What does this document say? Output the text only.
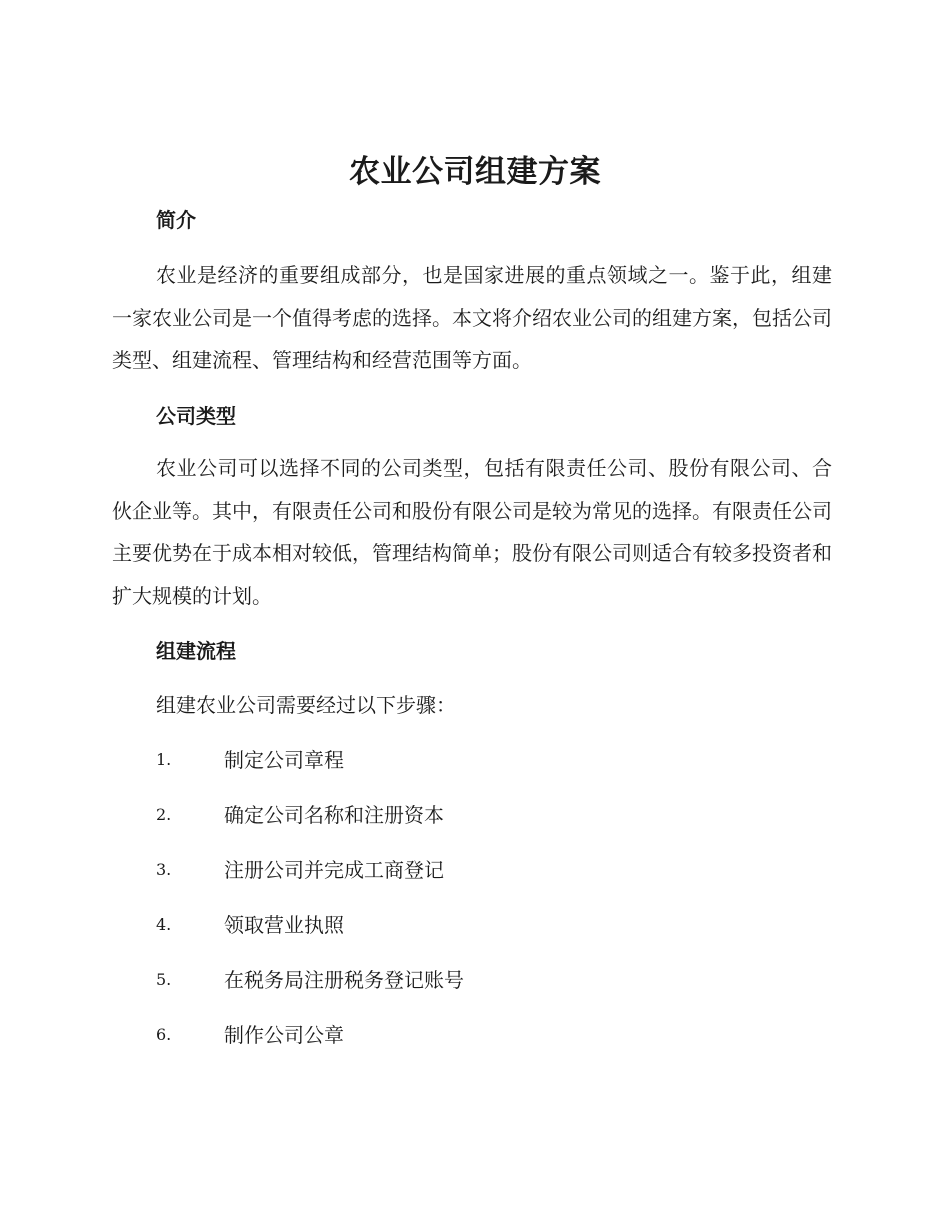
农业公司组建方案
简介

农业是经济的重要组成部分，也是国家进展的重点领域之一。鉴于此，组建一家农业公司是一个值得考虑的选择。本文将介绍农业公司的组建方案，包括公司类型、组建流程、管理结构和经营范围等方面。

公司类型

农业公司可以选择不同的公司类型，包括有限责任公司、股份有限公司、合伙企业等。其中，有限责任公司和股份有限公司是较为常见的选择。有限责任公司主要优势在于成本相对较低，管理结构简单；股份有限公司则适合有较多投资者和扩大规模的计划。

组建流程
组建农业公司需要经过以下步骤：
1.	制定公司章程
2.	确定公司名称和注册资本
3.	注册公司并完成工商登记
4.	领取营业执照
5.	在税务局注册税务登记账号
6.	制作公司公章
